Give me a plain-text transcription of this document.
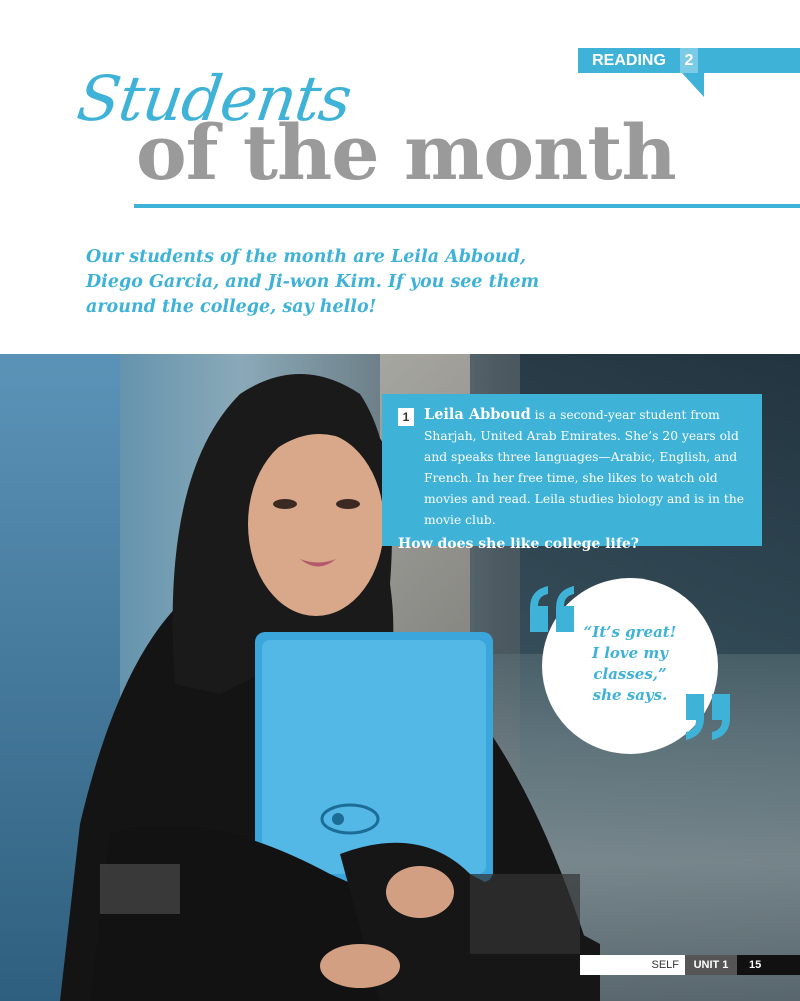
READING	2
of the month
Students
Our students of the month are Leila Abboud, Diego Garcia, and Ji-won Kim. If you see them around the college, say hello!
1	Leila Abboud is a second-year student from Sharjah, United Arab Emirates. She’s 20 years old and speaks three languages—Arabic, English, and French. In her free time, she likes to watch old movies and read. Leila studies biology and is in the movie club.

How does she like college life?
“It’s great!
I love my
classes,”
she says.
SELF	UNIT 1	15
